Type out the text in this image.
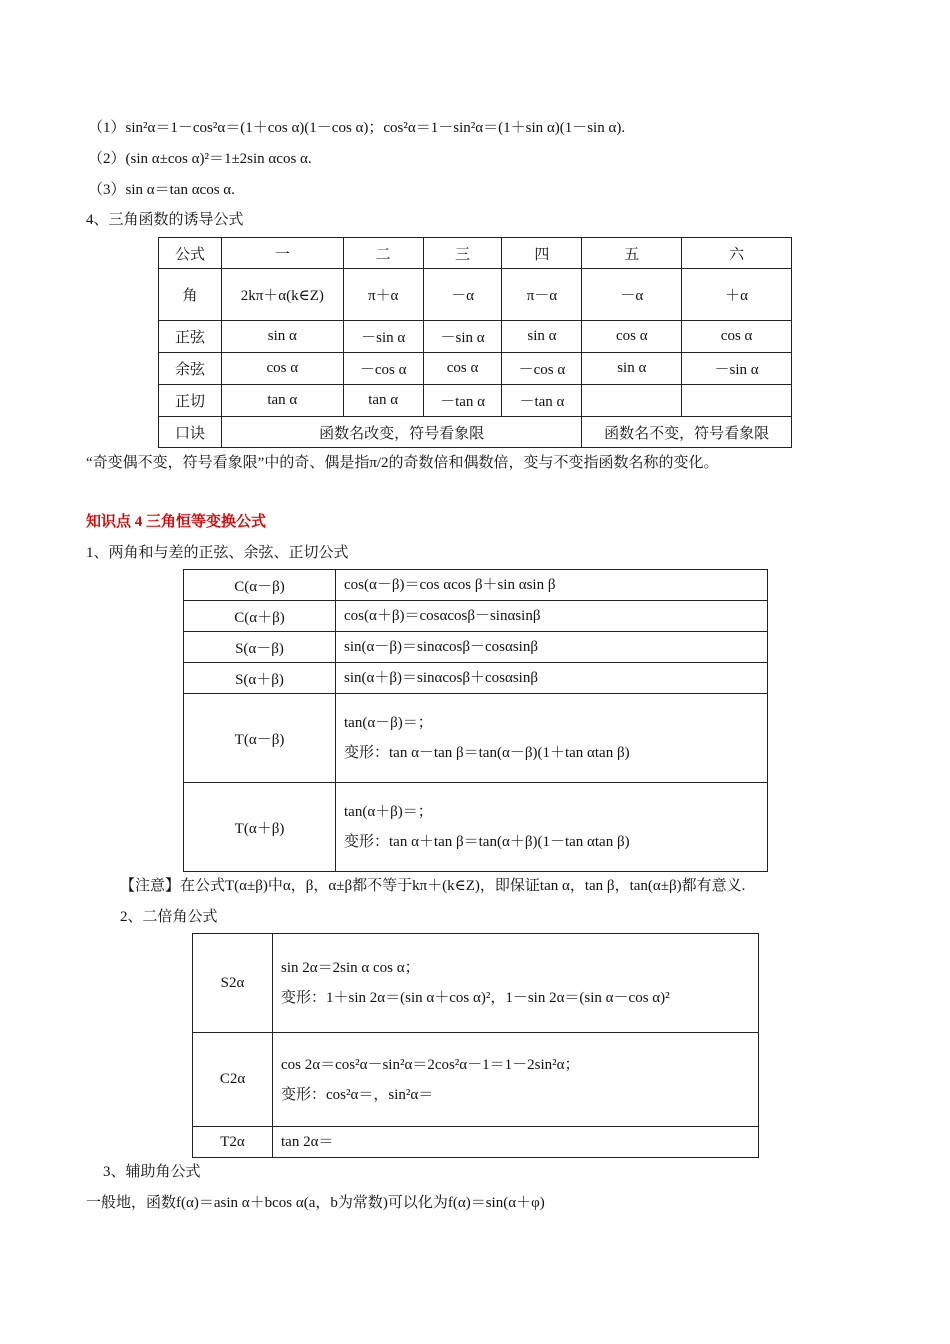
（1）sin²α＝1－cos²α＝(1＋cos α)(1－cos α)；cos²α＝1－sin²α＝(1＋sin α)(1－sin α).
（2）(sin α±cos α)²＝1±2sin αcos α.
（3）sin α＝tan αcos α.
4、三角函数的诱导公式
公式	一	二	三	四	五	六
角	2kπ＋α(k∈Z)	π＋α	－α	π－α	－α	＋α
正弦	sin α	－sin α	－sin α	sin α	cos α	cos α
余弦	cos α	－cos α	cos α	－cos α	sin α	－sin α
正切	tan α	tan α	－tan α	－tan α		
口诀	函数名改变，符号看象限				函数名不变，符号看象限	
“奇变偶不变，符号看象限”中的奇、偶是指π/2的奇数倍和偶数倍，变与不变指函数名称的变化。
知识点 4 三角恒等变换公式
1、两角和与差的正弦、余弦、正切公式
C(α－β)	cos(α－β)＝cos αcos β＋sin αsin β

C(α＋β)	cos(α＋β)＝cosαcosβ－sinαsinβ

S(α－β)	sin(α－β)＝sinαcosβ－cosαsinβ

S(α＋β)	sin(α＋β)＝sinαcosβ＋cosαsinβ

T(α－β)	tan(α－β)＝；
变形：tan α－tan β＝tan(α－β)(1＋tan αtan β)

T(α＋β)	tan(α＋β)＝；
变形：tan α＋tan β＝tan(α＋β)(1－tan αtan β)
【注意】在公式T(α±β)中α，β，α±β都不等于kπ＋(k∈Z)，即保证tan α，tan β，tan(α±β)都有意义.
2、二倍角公式
S2α	sin 2α＝2sin α cos α；
变形：1＋sin 2α＝(sin α＋cos α)²，1－sin 2α＝(sin α－cos α)²

C2α	cos 2α＝cos²α－sin²α＝2cos²α－1＝1－2sin²α；
变形：cos²α＝，sin²α＝

T2α	tan 2α＝
3、辅助角公式
一般地，函数f(α)＝asin α＋bcos α(a，b为常数)可以化为f(α)＝sin(α＋φ)
